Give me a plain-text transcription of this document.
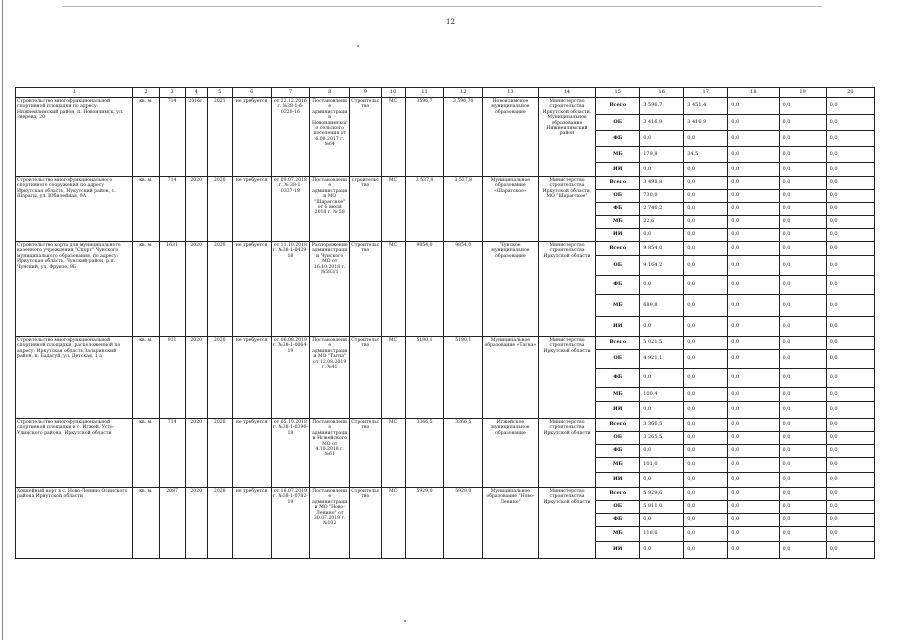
12
1	2	3	4	5	6	7	8	9	10	11	12	13	14	15	16	17	18	19	20
Строительство многофункциональной спортивной площадки по адресу: Нижнеилимский район, п. Новоилимск, ул. Зверева, 20	кв. м.	714	2016г.	2021	не требуется	от 22.12.2016 г. №38-1-6-0220-16	Постановление администрации Новоилимского сельского поселения от 6.08.2017 г. №64	Строительство	МС	3596,7	3 596,70	Новоилимское муниципальное образование	Министерство строительства Иркутской области, Муниципальное образование Нижнеилимский район	Всего	3 596,7	3 451,4	0,0	0,0	0,0
														ОБ	3 416,9	3 416,9	0,0	0,0	0,0
														ФБ	0,0	0,0	0,0	0,0	0,0
														МБ	179,8	34,5	0,0	0,0	0,0
														ИИ	0,0	0,0	0,0	0,0	0,0
Строительство многофункционального спортивного сооружения по адресу Иркутская область, Нукутский район, с. Шарагы, ул. Юбилейная, 9А	кв. м.	714	2020	2020	не требуется	от 09.07.2018 г. № 38-1-0337-18	Постановление администрации МО "Шарагское" от 6 июля 2018 г. № 58	строительство	МС	3 537,8	3 537,8	Муниципальное образование «Шарагское»	Министерство строительства Иркутской области, МО "Шарагское"	Всего	3 498,8	0,0	0,0	0,0	0,0
														ОБ	730,0	0,0	0,0	0,0	0,0
														ФБ	2 746,2	0,0	0,0	0,0	0,0
														МБ	22,6	0,0	0,0	0,0	0,0
														ИИ	0,0	0,0	0,0	0,0	0,0
Строительство корта для муниципального казенного учреждения "Спорт" Чунского муниципального образования, по адресу: Иркутская область, Чунский район, р.п. Чунский, ул. Фрунзе, 9Б	кв. м.	1631	2020	2020	не требуется	от 11.10.2018 г. №38-1-0439-18	Распоряжение администрации Чунского МО от 16.10.2018 г. №583/1	Строительство	МС	9854,0	9854,0	Чунское муниципальное образование	Министерство строительства Иркутской области	Всего	9 854,0	0,0	0,0	0,0	0,0
														ОБ	9 164,2	0,0	0,0	0,0	0,0
														ФБ	0,0	0,0	0,0	0,0	0,0
														МБ	689,8	0,0	0,0	0,0	0,0
														ИИ	0,0	0,0	0,0	0,0	0,0
Строительство многофункциональной спортивной площадки, расположенной по адресу: Иркутская область,Заларинский район, п. Бадагуй, ул. Детская, 1 а	кв. м.	911	2020	2020	не требуется	от 06.08.2019 г. №38-1-0064-19	Постановление администрации МО "Тагна" от 12.08.2019 г. №41	Строительство	МС	5180,1	5180,1	Муниципальное образование «Тагна»	Министерство строительства Иркутской области	Всего	5 021,5	0,0	0,0	0,0	0,0
														ОБ	4 921,1	0,0	0,0	0,0	0,0
														ФБ	0,0	0,0	0,0	0,0	0,0
														МБ	100,4	0,0	0,0	0,0	0,0
														ИИ	0,0	0,0	0,0	0,0	0,0
Строительство многофункциональной спортивной площадки в с. Игжей, Усть-Удинского района, Иркутской области	кв. м.	714	2020	2020	не требуется	от 05.10.2018 г. №38-1-0396-18	Постановление администрации Игжейского МО от 4.10.2018 г. №61	Строительство	МС	3366,5	3366,5	Игжейское муниципальное образование	Министерство строительства Иркутской области	Всего	3 366,5	0,0	0,0	0,0	0,0
														ОБ	3 265,5	0,0	0,0	0,0	0,0
														ФБ	0,0	0,0	0,0	0,0	0,0
														МБ	101,0	0,0	0,0	0,0	0,0
														ИИ	0,0	0,0	0,0	0,0	0,0
Хоккейный корт в с. Ново-Ленино Осинского района Иркутской области	кв. м.	2087	2020	2020	не требуется	от 16.07.2019 г. №38-1-0782-19	Постановление администрации МО "Ново-Ленино" от 30.07.2019 г. №102	Строительство	МС	5929,0	5929,0	Муниципальное образование "Ново-Ленино"	Министерство строительства Иркутской области	Всего	5 929,6	0,0	0,0	0,0	0,0
														ОБ	5 811,0	0,0	0,0	0,0	0,0
														ФБ	0,0	0,0	0,0	0,0	0,0
														МБ	118,6	0,0	0,0	0,0	0,0
														ИИ	0,0	0,0	0,0	0,0	0,0
